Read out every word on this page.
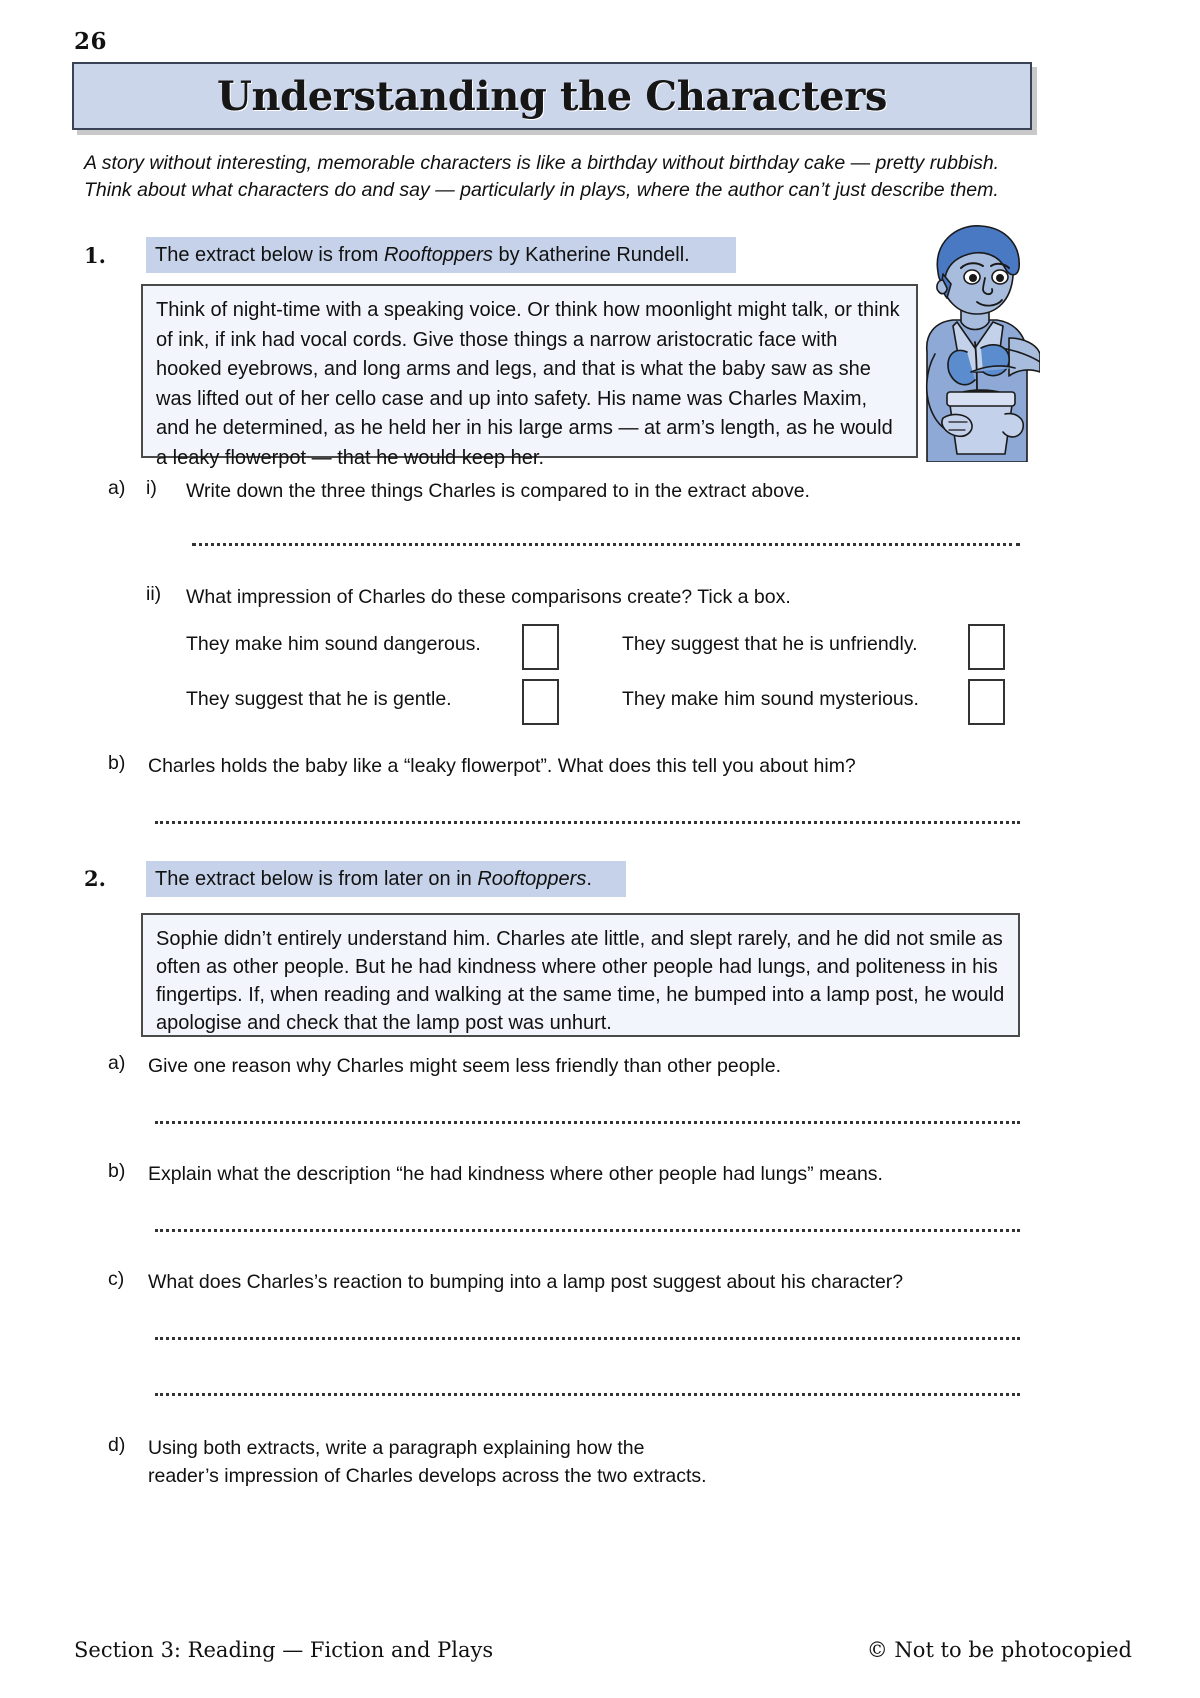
26
Understanding the Characters
A story without interesting, memorable characters is like a birthday without birthday cake — pretty rubbish.
Think about what characters do and say — particularly in plays, where the author can’t just describe them.
1.	The extract below is from Rooftoppers by Katherine Rundell.
Think of night-time with a speaking voice. Or think how moonlight might talk, or think of ink, if ink had vocal cords. Give those things a narrow aristocratic face with hooked eyebrows, and long arms and legs, and that is what the baby saw as she was lifted out of her cello case and up into safety. His name was Charles Maxim, and he determined, as he held her in his large arms — at arm’s length, as he would a leaky flowerpot — that he would keep her.
a) i) Write down the three things Charles is compared to in the extract above.
ii) What impression of Charles do these comparisons create? Tick a box.
They make him sound dangerous.	They suggest that he is unfriendly.
They suggest that he is gentle.	They make him sound mysterious.
b) Charles holds the baby like a “leaky flowerpot”. What does this tell you about him?
2.	The extract below is from later on in Rooftoppers.
Sophie didn’t entirely understand him. Charles ate little, and slept rarely, and he did not smile as often as other people. But he had kindness where other people had lungs, and politeness in his fingertips. If, when reading and walking at the same time, he bumped into a lamp post, he would apologise and check that the lamp post was unhurt.
a) Give one reason why Charles might seem less friendly than other people.
b) Explain what the description “he had kindness where other people had lungs” means.
c) What does Charles’s reaction to bumping into a lamp post suggest about his character?
d) Using both extracts, write a paragraph explaining how the
reader’s impression of Charles develops across the two extracts.
Section 3: Reading — Fiction and Plays	© Not to be photocopied
